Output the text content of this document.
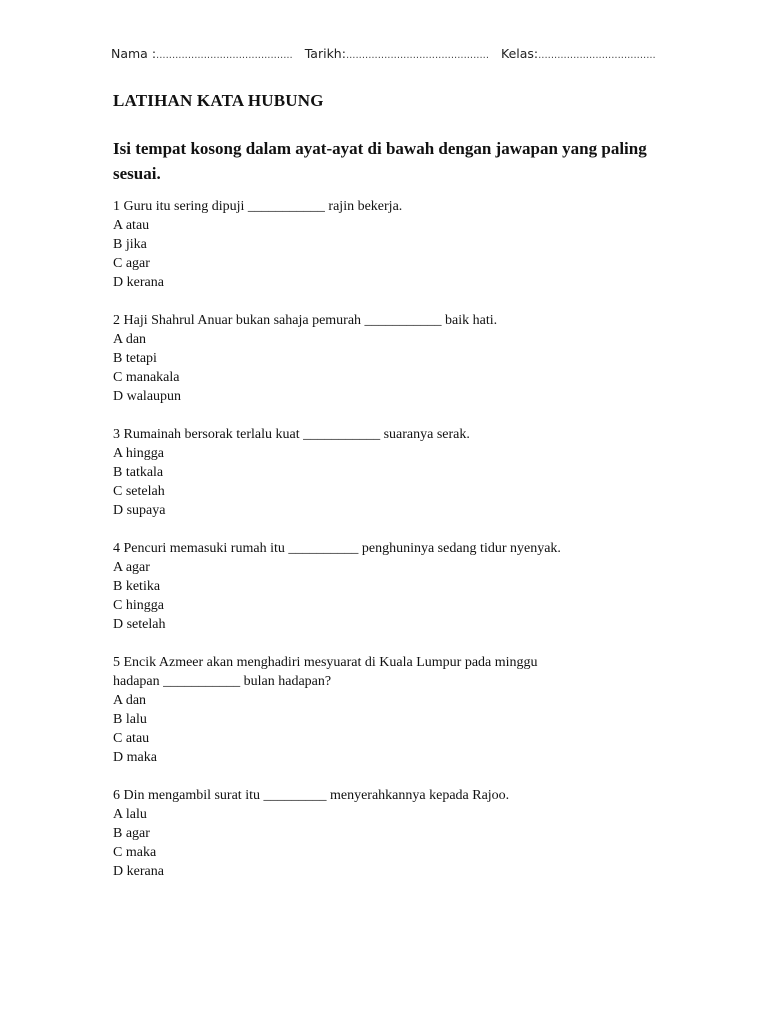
Nama : ........................................... Tarikh: ............................................. Kelas: .....................................
LATIHAN KATA HUBUNG
Isi tempat kosong dalam ayat-ayat di bawah dengan jawapan yang paling sesuai.
1 Guru itu sering dipuji ___________ rajin bekerja.
A atau
B jika
C agar
D kerana
2 Haji Shahrul Anuar bukan sahaja pemurah ___________ baik hati.
A dan
B tetapi
C manakala
D walaupun
3 Rumainah bersorak terlalu kuat ___________ suaranya serak.
A hingga
B tatkala
C setelah
D supaya
4 Pencuri memasuki rumah itu __________ penghuninya sedang tidur nyenyak.
A agar
B ketika
C hingga
D setelah
5 Encik Azmeer akan menghadiri mesyuarat di Kuala Lumpur pada minggu
hadapan ___________ bulan hadapan?
A dan
B lalu
C atau
D maka
6 Din mengambil surat itu _________ menyerahkannya kepada Rajoo.
A lalu
B agar
C maka
D kerana
